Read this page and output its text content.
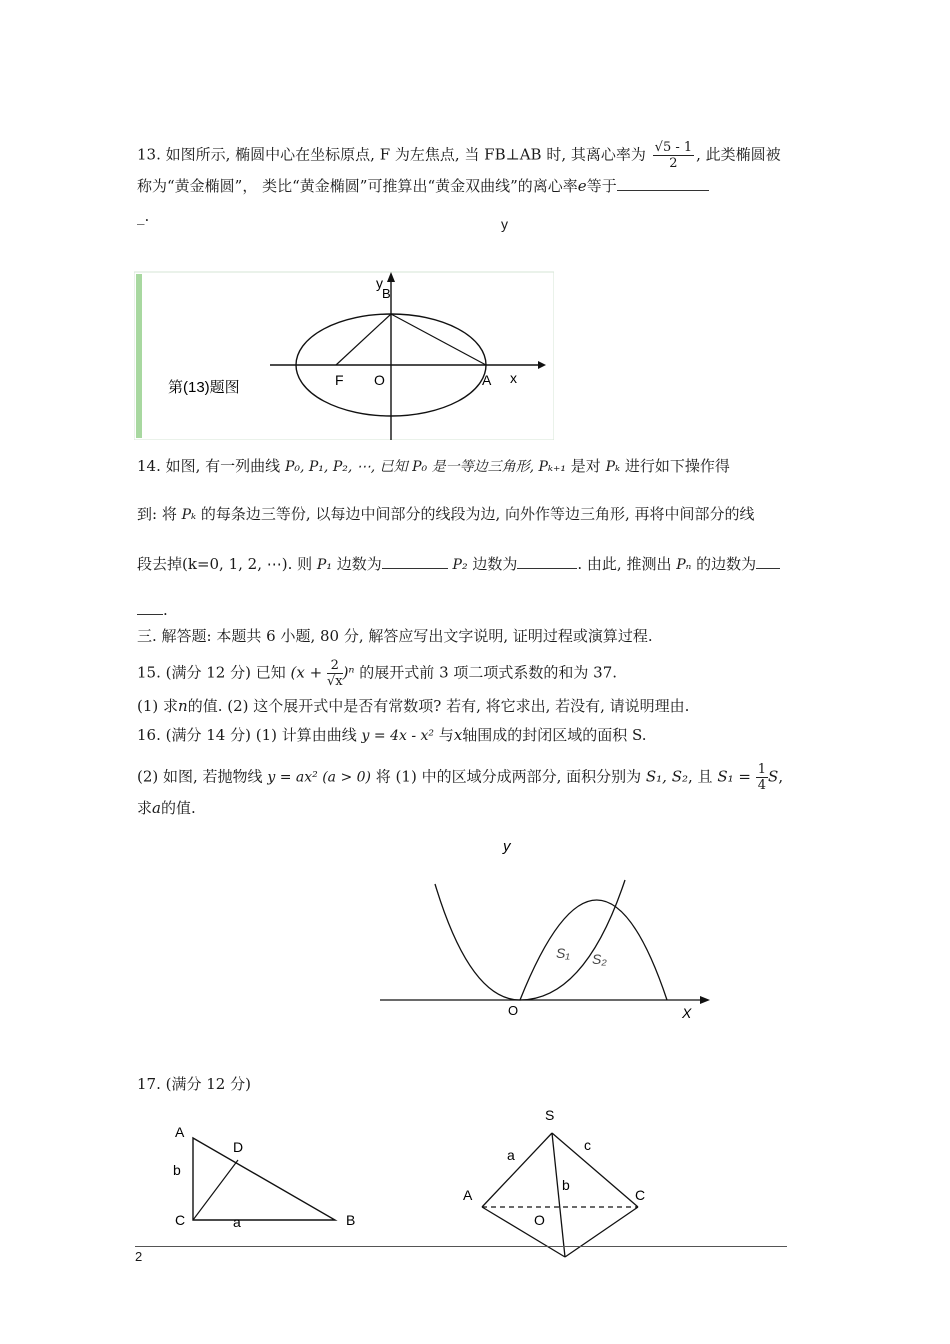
13. 如图所示, 椭圆中心在坐标原点, F 为左焦点, 当 FB⊥AB 时, 其离心率为 $\frac{√5 - 1}{2}$ , 此类椭圆被
称为“黄金椭圆”， 类比“黄金椭圆”可推算出“黄金双曲线”的离心率e等于
_.	y
y
B
F O	A x
第(13)题图
14. 如图, 有一列曲线 P₀, P₁, P₂, ⋯, 已知 P₀ 是一等边三角形, Pₖ₊₁ 是对 Pₖ 进行如下操作得
到: 将 Pₖ 的每条边三等份, 以每边中间部分的线段为边, 向外作等边三角形, 再将中间部分的线
段去掉(k=0, 1, 2, ⋯). 则 P₁ 边数为	P₂ 边数为	. 由此, 推测出 Pₙ 的边数为
.
三. 解答题: 本题共 6 小题, 80 分, 解答应写出文字说明, 证明过程或演算过程.
15. (满分 12 分) 已知 $(x + \frac{2}{√x} )^n$ 的展开式前 3 项二项式系数的和为 37.
(1) 求n的值. (2) 这个展开式中是否有常数项? 若有, 将它求出, 若没有, 请说明理由.
16. (满分 14 分) (1) 计算由曲线 y = 4x - x² 与x轴围成的封闭区域的面积 S.
(2) 如图, 若抛物线 y = ax² (a > 0) 将 (1) 中的区域分成两部分, 面积分别为 S₁, S₂, 且 $S_1 = \frac{1}{4} S$,
求a的值.
y
O	X
S₁ S₂
17. (满分 12 分)
A
D
b
C	a	B
S
a
c
b
A	C
O
2
